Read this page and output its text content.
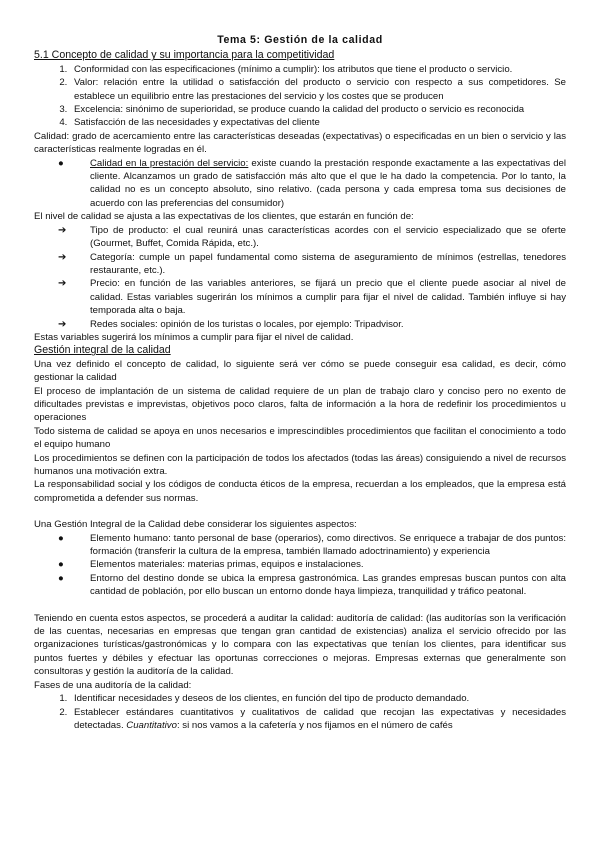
Tema 5: Gestión de la calidad
5.1 Concepto de calidad y su importancia para la competitividad
1. Conformidad con las especificaciones (mínimo a cumplir): los atributos que tiene el producto o servicio.
2. Valor: relación entre la utilidad o satisfacción del producto o servicio con respecto a sus competidores. Se establece un equilibrio entre las prestaciones del servicio y los costes que se producen
3. Excelencia: sinónimo de superioridad, se produce cuando la calidad del producto o servicio es reconocida
4. Satisfacción de las necesidades y expectativas del cliente

Calidad: grado de acercamiento entre las características deseadas (expectativas) o especificadas en un bien o servicio y las características realmente logradas en él.

●	Calidad en la prestación del servicio: existe cuando la prestación responde exactamente a las expectativas del cliente. Alcanzamos un grado de satisfacción más alto que el que le ha dado la competencia. Por lo tanto, la calidad no es un concepto absoluto, sino relativo. (cada persona y cada empresa toma sus decisiones de acuerdo con las preferencias del consumidor)

El nivel de calidad se ajusta a las expectativas de los clientes, que estarán en función de:

➔ Tipo de producto: el cual reunirá unas características acordes con el servicio especializado que se oferte (Gourmet, Buffet, Comida Rápida, etc.).
➔ Categoría: cumple un papel fundamental como sistema de aseguramiento de mínimos (estrellas, tenedores restaurante, etc.).
➔ Precio: en función de las variables anteriores, se fijará un precio que el cliente puede asociar al nivel de calidad. Estas variables sugerirán los mínimos a cumplir para fijar el nivel de calidad. También influye si hay temporada alta o baja.
➔ Redes sociales: opinión de los turistas o locales, por ejemplo: Tripadvisor.

Estas variables sugerirá los mínimos a cumplir para fijar el nivel de calidad.

Gestión integral de la calidad

Una vez definido el concepto de calidad, lo siguiente será ver cómo se puede conseguir esa calidad, es decir, cómo gestionar la calidad

El proceso de implantación de un sistema de calidad requiere de un plan de trabajo claro y conciso pero no exento de dificultades previstas e imprevistas, objetivos poco claros, falta de información a la hora de redefinir los procedimientos u operaciones

Todo sistema de calidad se apoya en unos necesarios e imprescindibles procedimientos que facilitan el conocimiento a todo el equipo humano

Los procedimientos se definen con la participación de todos los afectados (todas las áreas) consiguiendo a nivel de recursos humanos una motivación extra.

La responsabilidad social y los códigos de conducta éticos de la empresa, recuerdan a los empleados, que la empresa está comprometida a defender sus normas.

Una Gestión Integral de la Calidad debe considerar los siguientes aspectos:

●	Elemento humano: tanto personal de base (operarios), como directivos. Se enriquece a trabajar de dos puntos: formación (transferir la cultura de la empresa, también llamado adoctrinamiento) y experiencia
●	Elementos materiales: materias primas, equipos e instalaciones.
●	Entorno del destino donde se ubica la empresa gastronómica. Las grandes empresas buscan puntos con alta cantidad de población, por ello buscan un entorno donde haya limpieza, tranquilidad y tráfico peatonal.

Teniendo en cuenta estos aspectos, se procederá a auditar la calidad: auditoría de calidad: (las auditorías son la verificación de las cuentas, necesarias en empresas que tengan gran cantidad de existencias) analiza el servicio ofrecido por las organizaciones turísticas/gastronómicas y lo compara con las expectativas que tenían los clientes, para identificar sus puntos fuertes y débiles y efectuar las oportunas correcciones o mejoras. Empresas externas que generalmente son consultoras y gestión la auditoría de la calidad.

Fases de una auditoría de la calidad:

1. Identificar necesidades y deseos de los clientes, en función del tipo de producto demandado.
2. Establecer estándares cuantitativos y cualitativos de calidad que recojan las expectativas y necesidades detectadas. Cuantitativo: si nos vamos a la cafetería y nos fijamos en el número de cafés
